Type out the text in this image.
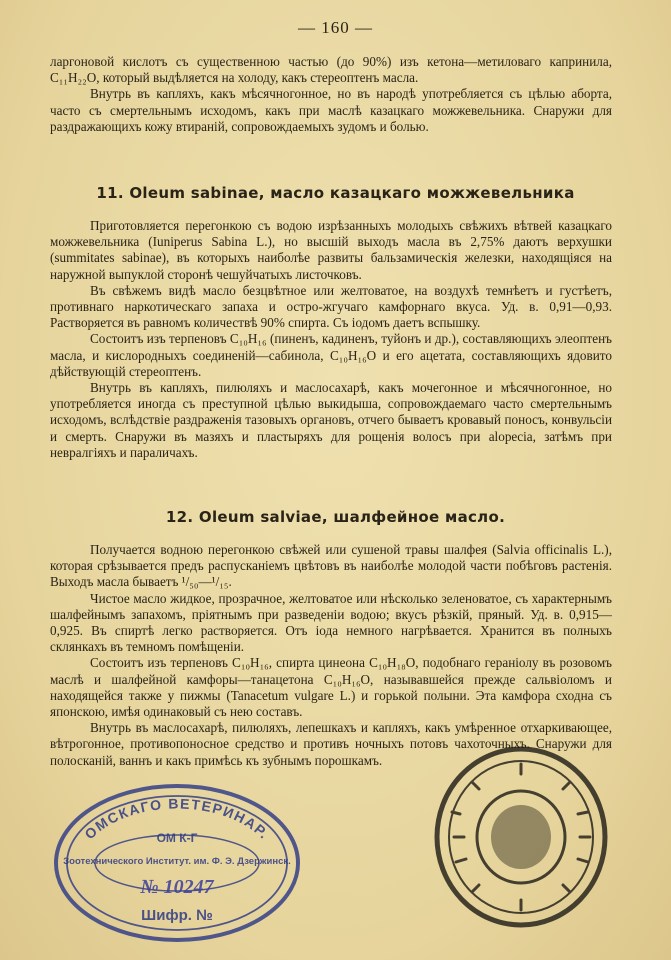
— 160 —

ларгоновой кислотъ съ существенною частью (до 90%) изъ кетона—метиловаго капринила, C₁₁H₂₂O, который выдѣляется на холоду, какъ стереоптенъ масла.

Внутрь въ капляхъ, какъ мѣсячногонное, но въ народѣ употребляется съ цѣлью аборта, часто съ смертельнымъ исходомъ, какъ при маслѣ казацкаго можжевельника. Снаружи для раздражающихъ кожу втираній, сопровождаемыхъ зудомъ и болью.

11. Oleum sabinae, масло казацкаго можжевельника

Приготовляется перегонкою съ водою изрѣзанныхъ молодыхъ свѣжихъ вѣтвей казацкаго можжевельника (Iuniperus Sabina L.), но высшій выходъ масла въ 2,75% даютъ верхушки (summitates sabinae), въ которыхъ наиболѣе развиты бальзамическія железки, находящіяся на наружной выпуклой сторонѣ чешуйчатыхъ листочковъ.

Въ свѣжемъ видѣ масло безцвѣтное или желтоватое, на воздухѣ темнѣетъ и густѣетъ, противнаго наркотическаго запаха и остро-жгучаго камфорнаго вкуса. Уд. в. 0,91—0,93. Растворяется въ равномъ количествѣ 90% спирта. Съ іодомъ даетъ вспышку.

Состоитъ изъ терпеновъ C₁₀H₁₆ (пиненъ, кадиненъ, туйонъ и др.), составляющихъ элеоптенъ масла, и кислородныхъ соединеній—сабинола, C₁₀H₁₆O и его ацетата, составляющихъ ядовито дѣйствующій стереоптенъ.

Внутрь въ капляхъ, пилюляхъ и маслосахарѣ, какъ мочегонное и мѣсячногонное, но употребляется иногда съ преступной цѣлью выкидыша, сопровождаемаго часто смертельнымъ исходомъ, вслѣдствіе раздраженія тазовыхъ органовъ, отчего бываетъ кровавый поносъ, конвульсіи и смерть. Снаружи въ мазяхъ и пластыряхъ для рощенія волосъ при alopecia, затѣмъ при невралгіяхъ и параличахъ.

12. Oleum salviae, шалфейное масло.

Получается водною перегонкою свѣжей или сушеной травы шалфея (Salvia officinalis L.), которая срѣзывается предъ распусканіемъ цвѣтовъ въ наиболѣе молодой части побѣговъ растенія. Выходъ масла бываетъ ¹/₅₀—¹/₁₅.

Чистое масло жидкое, прозрачное, желтоватое или нѣсколько зеленоватое, съ характернымъ шалфейнымъ запахомъ, пріятнымъ при разведеніи водою; вкусъ рѣзкій, пряный. Уд. в. 0,915—0,925. Въ спиртѣ легко растворяется. Отъ іода немного нагрѣвается. Хранится въ полныхъ склянкахъ въ темномъ помѣщеніи.

Состоитъ изъ терпеновъ C₁₀H₁₆, спирта цинеона C₁₀H₁₈O, подобнаго гераніолу въ розовомъ маслѣ и шалфейной камфоры—танацетона C₁₀H₁₆O, называвшейся прежде сальвіоломъ и находящейся также у пижмы (Tanacetum vulgare L.) и горькой полыни. Эта камфора сходна съ японскою, имѣя одинаковый съ нею составъ.

Внутрь въ маслосахарѣ, пилюляхъ, лепешкахъ и капляхъ, какъ умѣренное отхаркивающее, вѣтрогонное, противопоносное средство и противъ ночныхъ потовъ чахоточныхъ. Снаружи для полосканій, ваннъ и какъ примѣсь къ зубнымъ порошкамъ.

ОМСКАГО ВЕТЕРИНАР.
ОМ К-Г
Зоотехнического Институт. им. Ф. Э. Дзержинск.
№ 10247
Шифр. №
